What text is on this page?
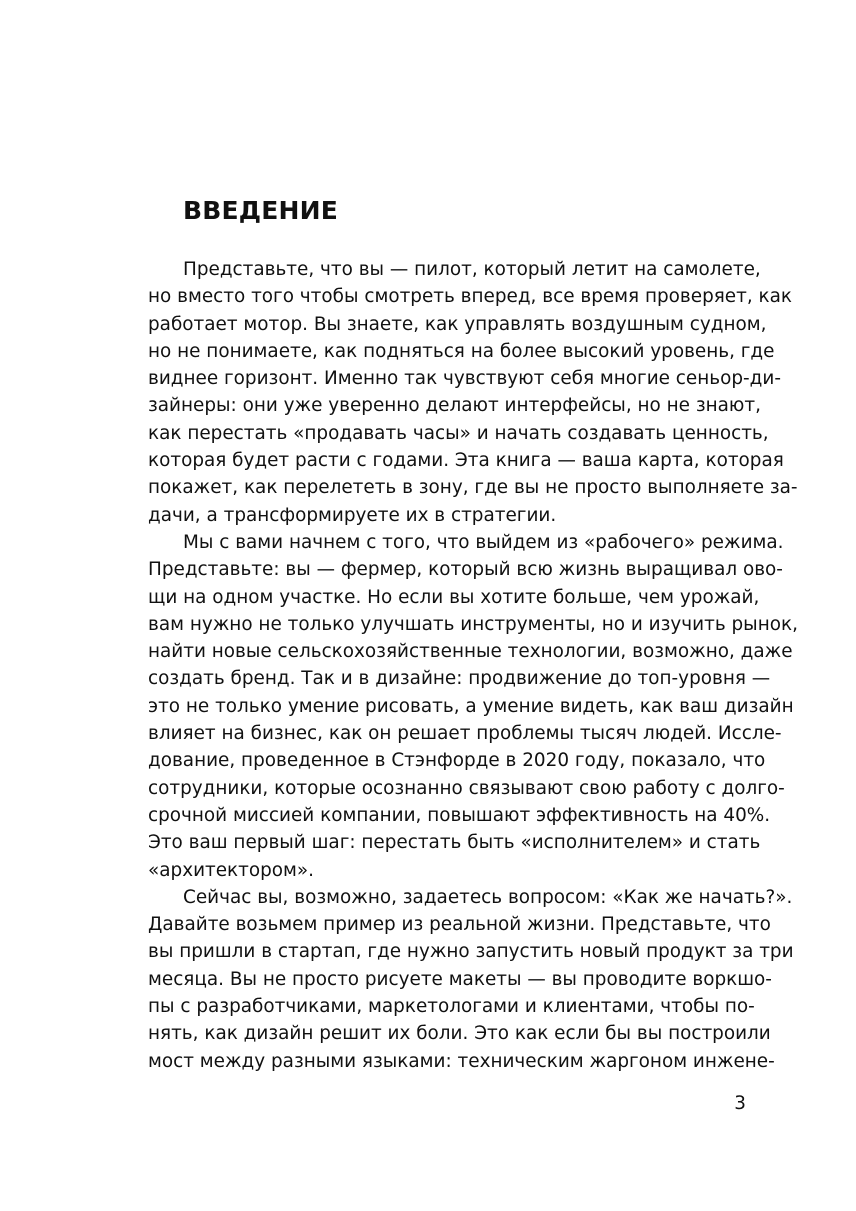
ВВЕДЕНИЕ
Представьте, что вы — пилот, который летит на самолете,
но вместо того чтобы смотреть вперед, все время проверяет, как
работает мотор. Вы знаете, как управлять воздушным судном,
но не понимаете, как подняться на более высокий уровень, где
виднее горизонт. Именно так чувствуют себя многие сеньор-ди-
зайнеры: они уже уверенно делают интерфейсы, но не знают,
как перестать «продавать часы» и начать создавать ценность,
которая будет расти с годами. Эта книга — ваша карта, которая
покажет, как перелететь в зону, где вы не просто выполняете за-
дачи, а трансформируете их в стратегии.
Мы с вами начнем с того, что выйдем из «рабочего» режима.
Представьте: вы — фермер, который всю жизнь выращивал ово-
щи на одном участке. Но если вы хотите больше, чем урожай,
вам нужно не только улучшать инструменты, но и изучить рынок,
найти новые сельскохозяйственные технологии, возможно, даже
создать бренд. Так и в дизайне: продвижение до топ-уровня —
это не только умение рисовать, а умение видеть, как ваш дизайн
влияет на бизнес, как он решает проблемы тысяч людей. Иссле-
дование, проведенное в Стэнфорде в 2020 году, показало, что
сотрудники, которые осознанно связывают свою работу с долго-
срочной миссией компании, повышают эффективность на 40%.
Это ваш первый шаг: перестать быть «исполнителем» и стать
«архитектором».
Сейчас вы, возможно, задаетесь вопросом: «Как же начать?».
Давайте возьмем пример из реальной жизни. Представьте, что
вы пришли в стартап, где нужно запустить новый продукт за три
месяца. Вы не просто рисуете макеты — вы проводите воркшо-
пы с разработчиками, маркетологами и клиентами, чтобы по-
нять, как дизайн решит их боли. Это как если бы вы построили
мост между разными языками: техническим жаргоном инжене-
3
